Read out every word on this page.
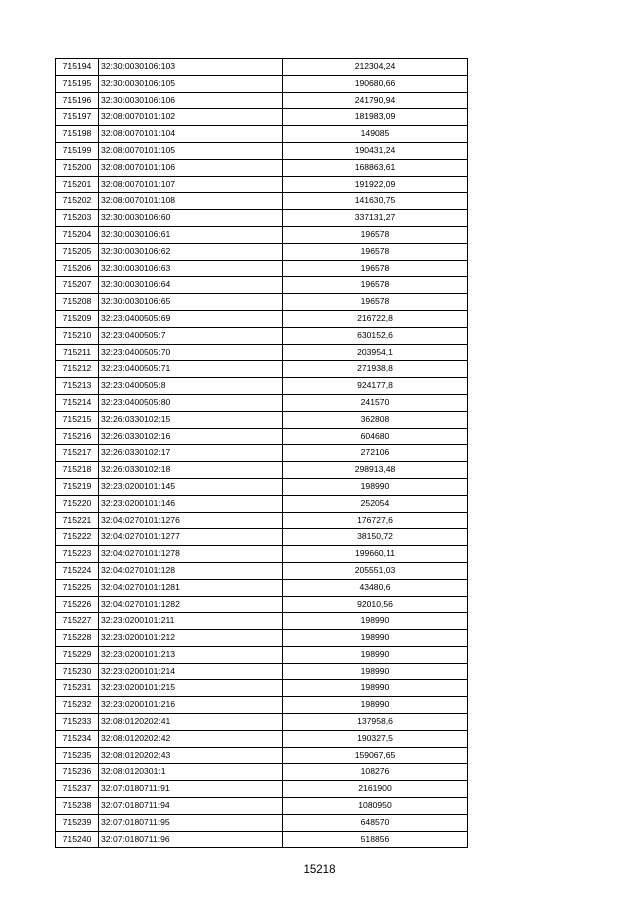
715194	32:30:0030106:103	212304,24
715195	32:30:0030106:105	190680,66
715196	32:30:0030106:106	241790,94
715197	32:08:0070101:102	181983,09
715198	32:08:0070101:104	149085
715199	32:08:0070101:105	190431,24
715200	32:08:0070101:106	168863,61
715201	32:08:0070101:107	191922,09
715202	32:08:0070101:108	141630,75
715203	32:30:0030106:60	337131,27
715204	32:30:0030106:61	196578
715205	32:30:0030106:62	196578
715206	32:30:0030106:63	196578
715207	32:30:0030106:64	196578
715208	32:30:0030106:65	196578
715209	32:23:0400505:69	216722,8
715210	32:23:0400505:7	630152,6
715211	32:23:0400505:70	203954,1
715212	32:23:0400505:71	271938,8
715213	32:23:0400505:8	924177,8
715214	32:23:0400505:80	241570
715215	32:26:0330102:15	362808
715216	32:26:0330102:16	604680
715217	32:26:0330102:17	272106
715218	32:26:0330102:18	298913,48
715219	32:23:0200101:145	198990
715220	32:23:0200101:146	252054
715221	32:04:0270101:1276	176727,6
715222	32:04:0270101:1277	38150,72
715223	32:04:0270101:1278	199660,11
715224	32:04:0270101:128	205551,03
715225	32:04:0270101:1281	43480,6
715226	32:04:0270101:1282	92010,56
715227	32:23:0200101:211	198990
715228	32:23:0200101:212	198990
715229	32:23:0200101:213	198990
715230	32:23:0200101:214	198990
715231	32:23:0200101:215	198990
715232	32:23:0200101:216	198990
715233	32:08:0120202:41	137958,6
715234	32:08:0120202:42	190327,5
715235	32:08:0120202:43	159067,65
715236	32:08:0120301:1	108276
715237	32:07:0180711:91	2161900
715238	32:07:0180711:94	1080950
715239	32:07:0180711:95	648570
715240	32:07:0180711:96	518856
15218
